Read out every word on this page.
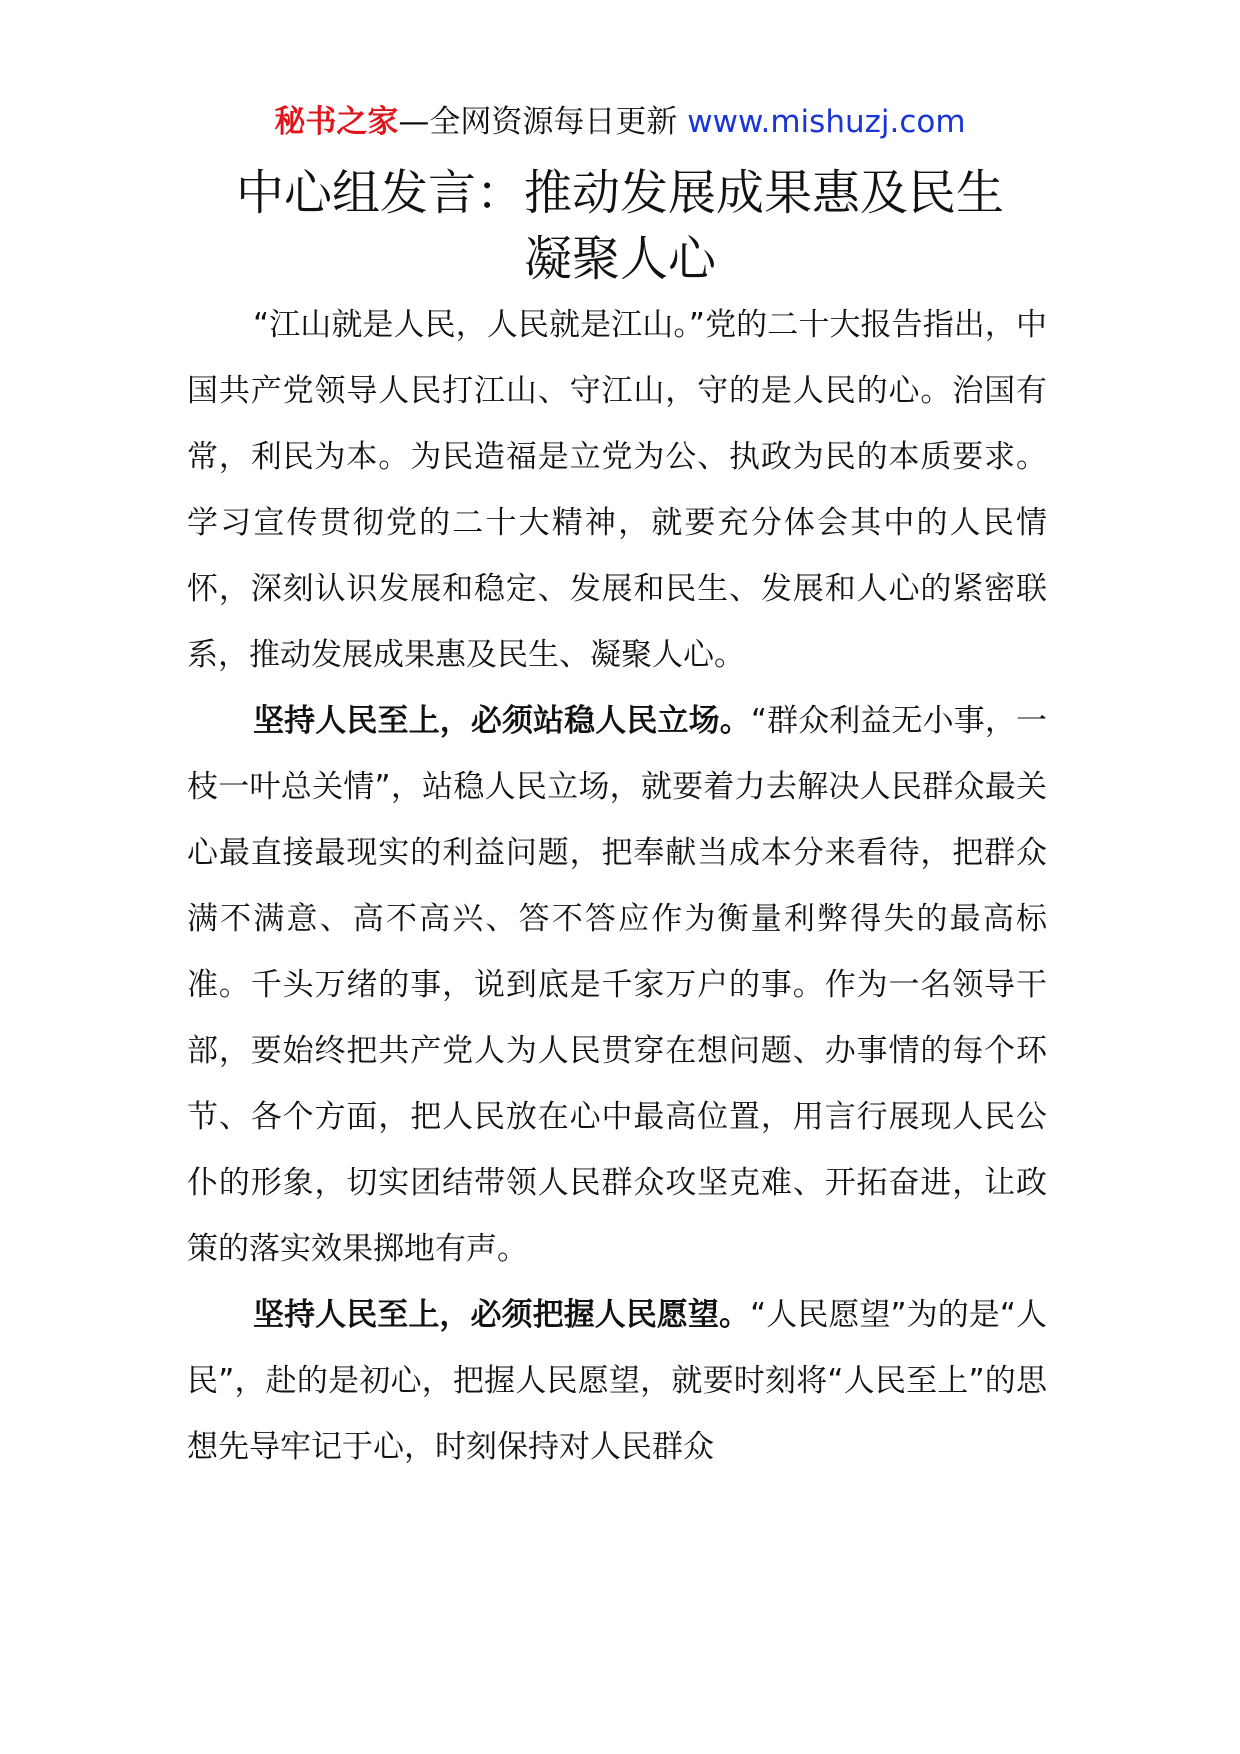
秘书之家—全网资源每日更新 www.mishuzj.com
中心组发言：推动发展成果惠及民生
凝聚人心

“江山就是人民，人民就是江山。”党的二十大报告指出，中国共产党领导人民打江山、守江山，守的是人民的心。治国有常，利民为本。为民造福是立党为公、执政为民的本质要求。学习宣传贯彻党的二十大精神，就要充分体会其中的人民情怀，深刻认识发展和稳定、发展和民生、发展和人心的紧密联系，推动发展成果惠及民生、凝聚人心。

坚持人民至上，必须站稳人民立场。“群众利益无小事，一枝一叶总关情”，站稳人民立场，就要着力去解决人民群众最关心最直接最现实的利益问题，把奉献当成本分来看待，把群众满不满意、高不高兴、答不答应作为衡量利弊得失的最高标准。千头万绪的事，说到底是千家万户的事。作为一名领导干部，要始终把共产党人为人民贯穿在想问题、办事情的每个环节、各个方面，把人民放在心中最高位置，用言行展现人民公仆的形象，切实团结带领人民群众攻坚克难、开拓奋进，让政策的落实效果掷地有声。

坚持人民至上，必须把握人民愿望。“人民愿望”为的是“人民”，赴的是初心，把握人民愿望，就要时刻将“人民至上”的思想先导牢记于心，时刻保持对人民群众
